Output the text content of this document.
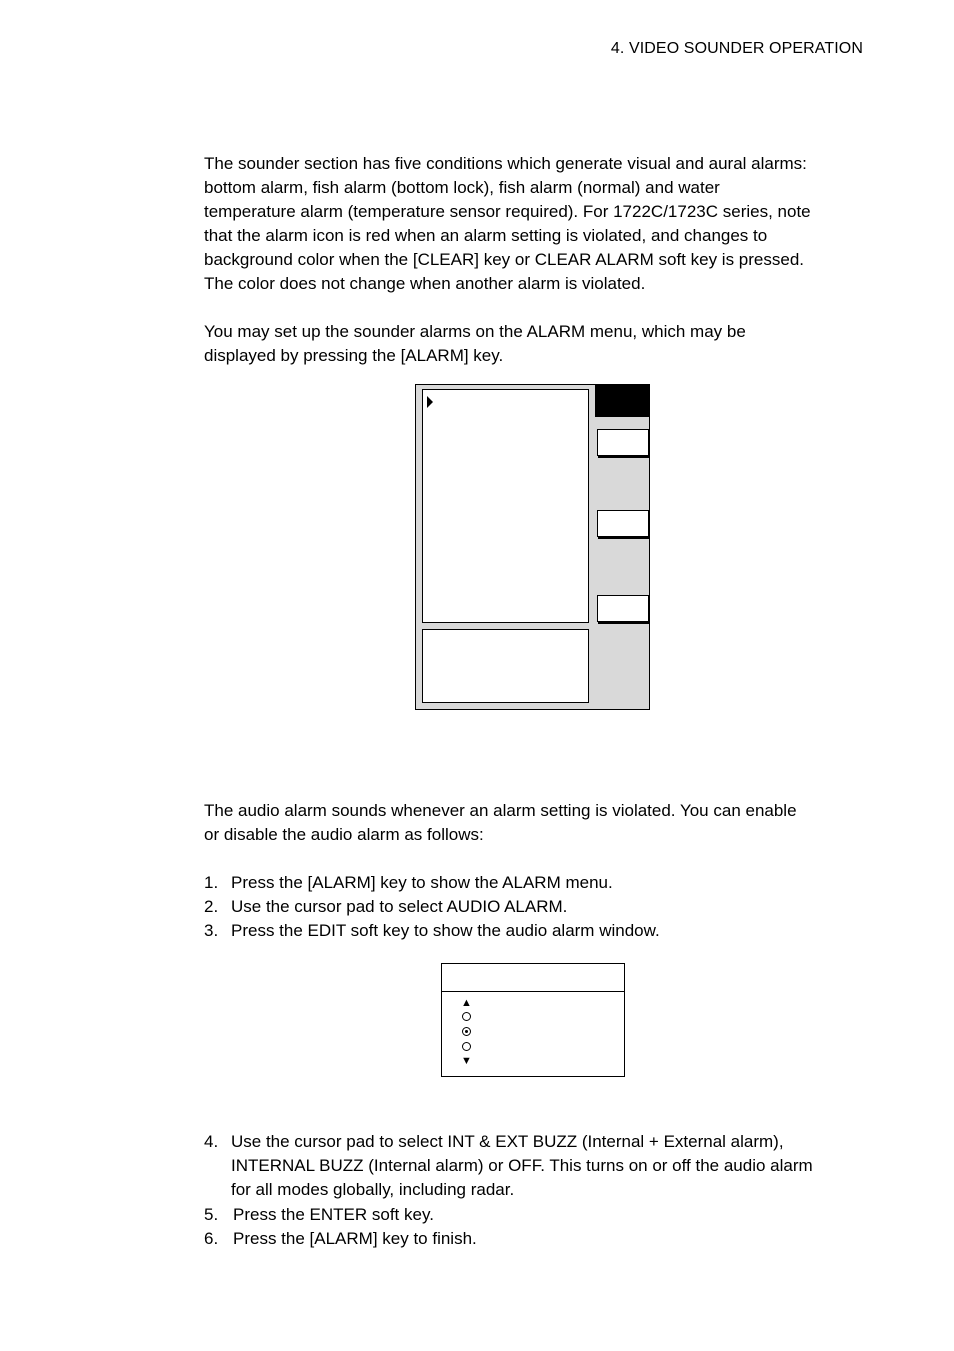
4. VIDEO SOUNDER OPERATION

The sounder section has five conditions which generate visual and aural alarms:

bottom alarm, fish alarm (bottom lock), fish alarm (normal) and water

temperature alarm (temperature sensor required). For 1722C/1723C series, note

that the alarm icon is red when an alarm setting is violated, and changes to

background color when the [CLEAR] key or CLEAR ALARM soft key is pressed.

The color does not change when another alarm is violated.

You may set up the sounder alarms on the ALARM menu, which may be

displayed by pressing the [ALARM] key.

The audio alarm sounds whenever an alarm setting is violated. You can enable

or disable the audio alarm as follows:

1. Press the [ALARM] key to show the ALARM menu.
2. Use the cursor pad to select AUDIO ALARM.
3. Press the EDIT soft key to show the audio alarm window.
▲
▼
4. Use the cursor pad to select INT & EXT BUZZ (Internal + External alarm),
INTERNAL BUZZ (Internal alarm) or OFF. This turns on or off the audio alarm
for all modes globally, including radar.
5. Press the ENTER soft key.
6. Press the [ALARM] key to finish.
